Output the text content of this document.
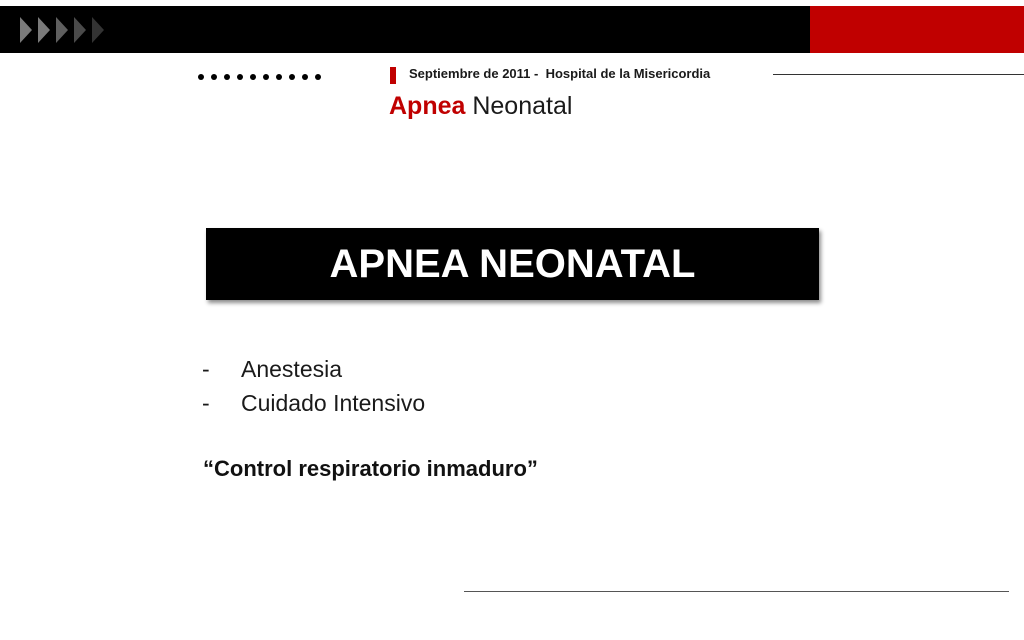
Septiembre de 2011 -  Hospital de la Misericordia
Apnea Neonatal
APNEA NEONATAL
- Anestesia
- Cuidado Intensivo
“Control respiratorio inmaduro”
